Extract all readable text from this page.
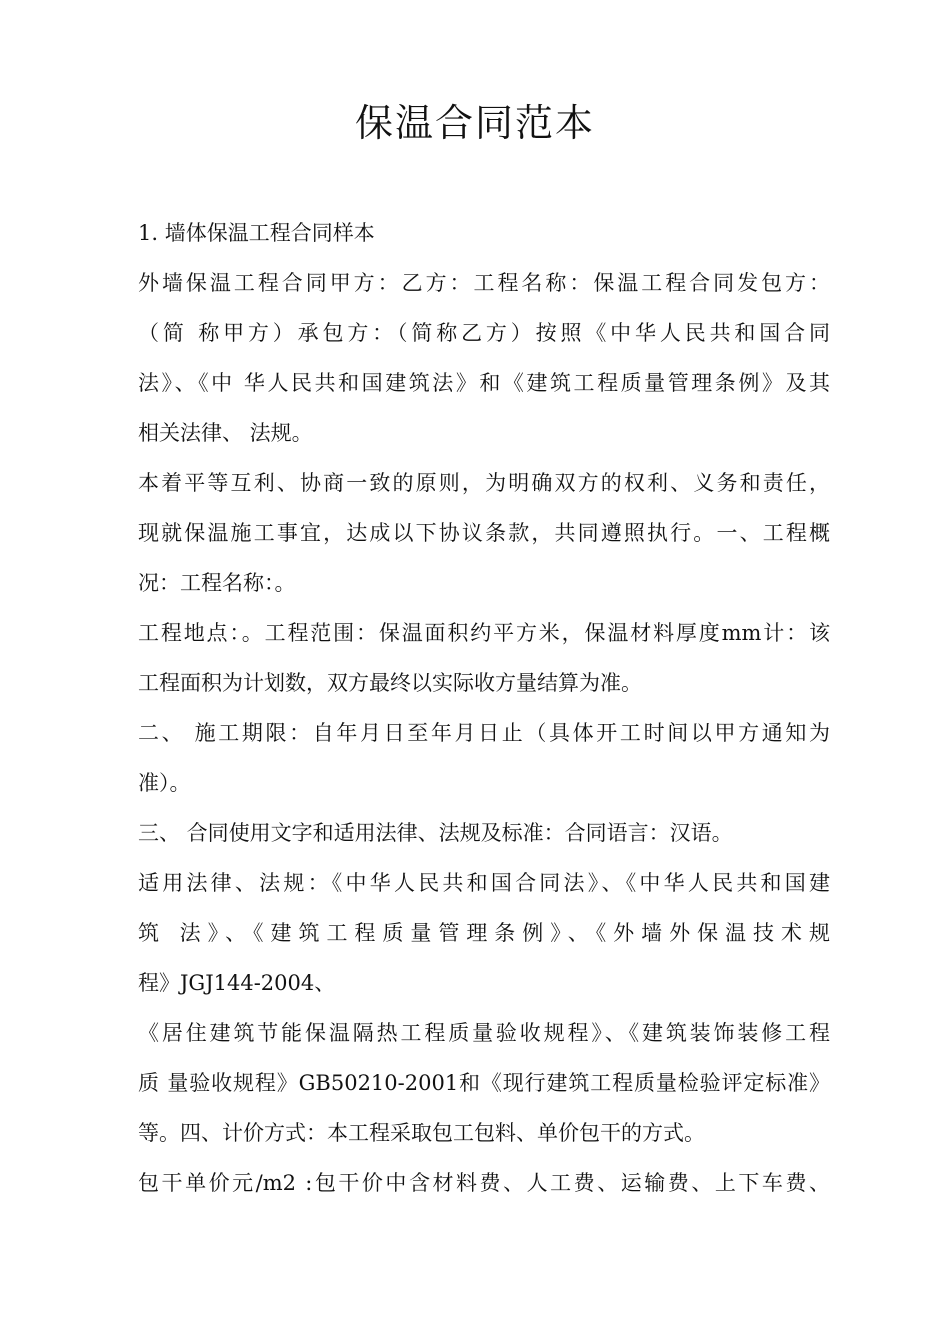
保温合同范本
1. 墙体保温工程合同样本
外墙保温工程合同甲方：乙方：工程名称：保温工程合同发包方：
（简 称甲方）承包方：（简称乙方）按照《中华人民共和国合同
法》、《中 华人民共和国建筑法》和《建筑工程质量管理条例》及其
相关法律、 法规。
本着平等互利、协商一致的原则，为明确双方的权利、义务和责任，
现就保温施工事宜，达成以下协议条款，共同遵照执行。一、工程概
况：工程名称：。
工程地点：。工程范围：保温面积约平方米，保温材料厚度mm计：该
工程面积为计划数，双方最终以实际收方量结算为准。
二、 施工期限：自年月日至年月日止（具体开工时间以甲方通知为
准）。
三、 合同使用文字和适用法律、法规及标准：合同语言：汉语。
适用法律、法规：《中华人民共和国合同法》、《中华人民共和国建
筑 法》、《建筑工程质量管理条例》、《外墙外保温技术规
程》JGJ144-2004、
《居住建筑节能保温隔热工程质量验收规程》、《建筑装饰装修工程
质 量验收规程》GB50210-2001和《现行建筑工程质量检验评定标准》
等。四、计价方式：本工程采取包工包料、单价包干的方式。
包干单价元/m2 :包干价中含材料费、人工费、运输费、上下车费、
